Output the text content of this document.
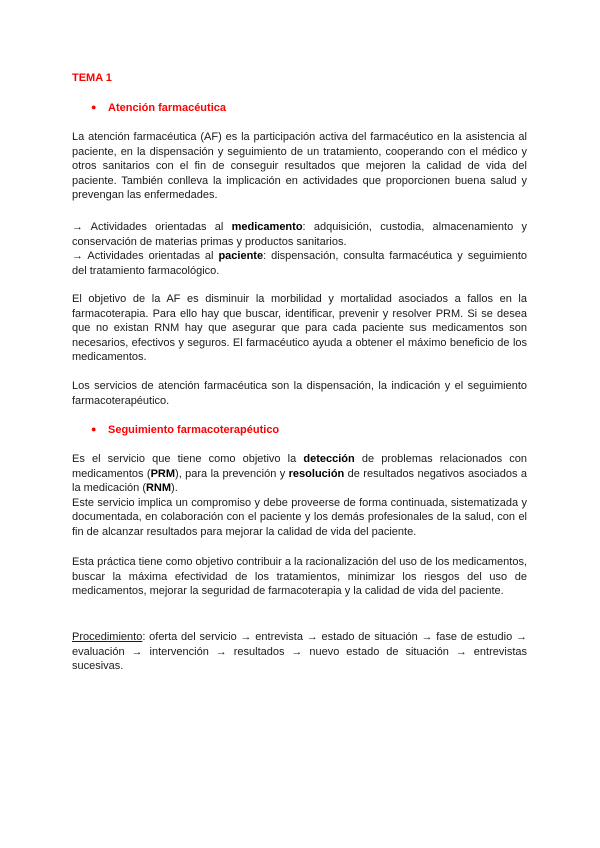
TEMA 1
● Atención farmacéutica
La atención farmacéutica (AF) es la participación activa del farmacéutico en la asistencia al paciente, en la dispensación y seguimiento de un tratamiento, cooperando con el médico y otros sanitarios con el fin de conseguir resultados que mejoren la calidad de vida del paciente. También conlleva la implicación en actividades que proporcionen buena salud y prevengan las enfermedades.
→ Actividades orientadas al medicamento: adquisición, custodia, almacenamiento y conservación de materias primas y productos sanitarios.
→ Actividades orientadas al paciente: dispensación, consulta farmacéutica y seguimiento del tratamiento farmacológico.
El objetivo de la AF es disminuir la morbilidad y mortalidad asociados a fallos en la farmacoterapia. Para ello hay que buscar, identificar, prevenir y resolver PRM. Si se desea que no existan RNM hay que asegurar que para cada paciente sus medicamentos son necesarios, efectivos y seguros. El farmacéutico ayuda a obtener el máximo beneficio de los medicamentos.
Los servicios de atención farmacéutica son la dispensación, la indicación y el seguimiento farmacoterapéutico.
● Seguimiento farmacoterapéutico
Es el servicio que tiene como objetivo la detección de problemas relacionados con medicamentos (PRM), para la prevención y resolución de resultados negativos asociados a la medicación (RNM).
Este servicio implica un compromiso y debe proveerse de forma continuada, sistematizada y documentada, en colaboración con el paciente y los demás profesionales de la salud, con el fin de alcanzar resultados para mejorar la calidad de vida del paciente.
Esta práctica tiene como objetivo contribuir a la racionalización del uso de los medicamentos, buscar la máxima efectividad de los tratamientos, minimizar los riesgos del uso de medicamentos, mejorar la seguridad de farmacoterapia y la calidad de vida del paciente.
Procedimiento: oferta del servicio → entrevista → estado de situación → fase de estudio → evaluación → intervención → resultados → nuevo estado de situación → entrevistas sucesivas.
